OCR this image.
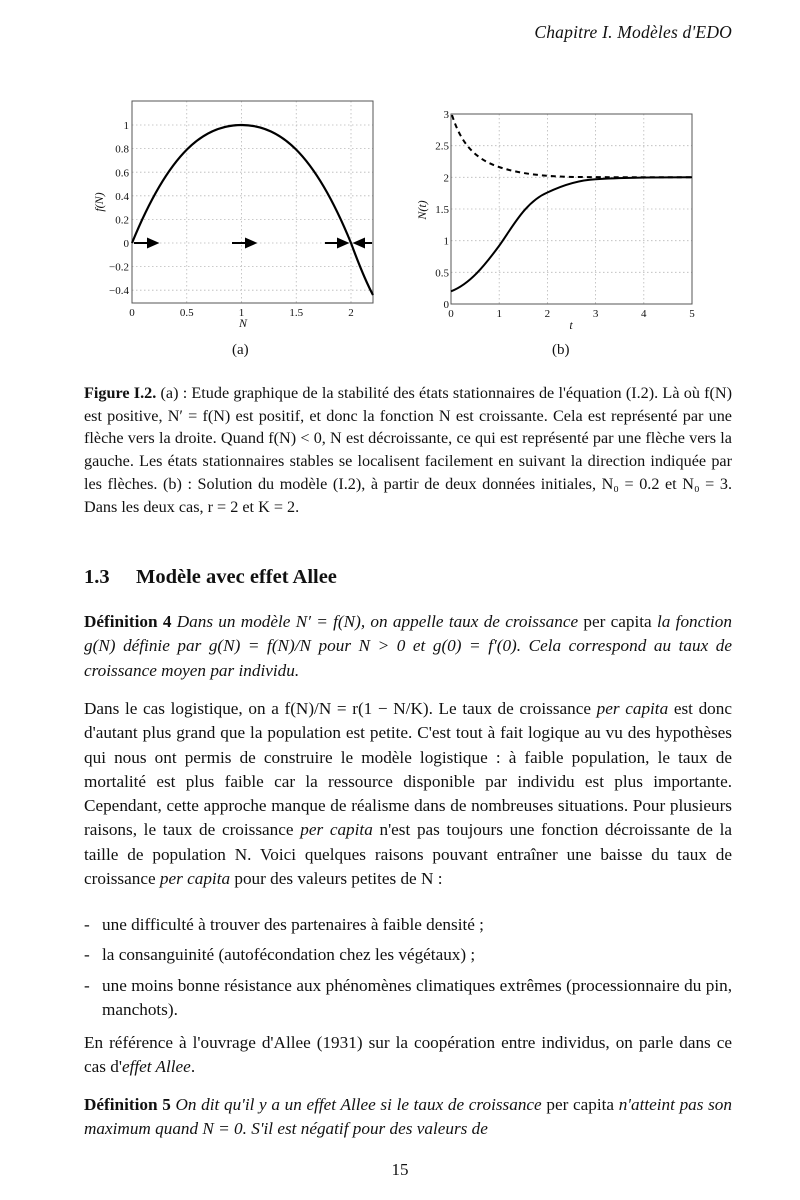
Chapitre I. Modèles d'EDO
0	0.5	1	1.5	2
−0.4
−0.2
0
0.2
0.4
0.6
0.8
1
N
f(N)
(a)
0	1	2	3	4	5
0
0.5
1
1.5
2
2.5
3
t
N(t)
(b)
Figure I.2. (a) : Etude graphique de la stabilité des états stationnaires de l'équation (I.2). Là où f(N) est positive, N′ = f(N) est positif, et donc la fonction N est croissante. Cela est représenté par une flèche vers la droite. Quand f(N) < 0, N est décroissante, ce qui est représenté par une flèche vers la gauche. Les états stationnaires stables se localisent facilement en suivant la direction indiquée par les flèches. (b) : Solution du modèle (I.2), à partir de deux données initiales, N₀ = 0.2 et N₀ = 3. Dans les deux cas, r = 2 et K = 2.
1.3 Modèle avec effet Allee
Définition 4 Dans un modèle N′ = f(N), on appelle taux de croissance per capita la fonction g(N) définie par g(N) = f(N)/N pour N > 0 et g(0) = f′(0). Cela correspond au taux de croissance moyen par individu.
Dans le cas logistique, on a f(N)/N = r(1 − N/K). Le taux de croissance per capita est donc d'autant plus grand que la population est petite. C'est tout à fait logique au vu des hypothèses qui nous ont permis de construire le modèle logistique : à faible population, le taux de mortalité est plus faible car la ressource disponible par individu est plus importante. Cependant, cette approche manque de réalisme dans de nombreuses situations. Pour plusieurs raisons, le taux de croissance per capita n'est pas toujours une fonction décroissante de la taille de population N. Voici quelques raisons pouvant entraîner une baisse du taux de croissance per capita pour des valeurs petites de N :
- une difficulté à trouver des partenaires à faible densité ;
- la consanguinité (autofécondation chez les végétaux) ;
- une moins bonne résistance aux phénomènes climatiques extrêmes (processionnaire du pin, manchots).
En référence à l'ouvrage d'Allee (1931) sur la coopération entre individus, on parle dans ce cas d'effet Allee.
Définition 5 On dit qu'il y a un effet Allee si le taux de croissance per capita n'atteint pas son maximum quand N = 0. S'il est négatif pour des valeurs de
15
